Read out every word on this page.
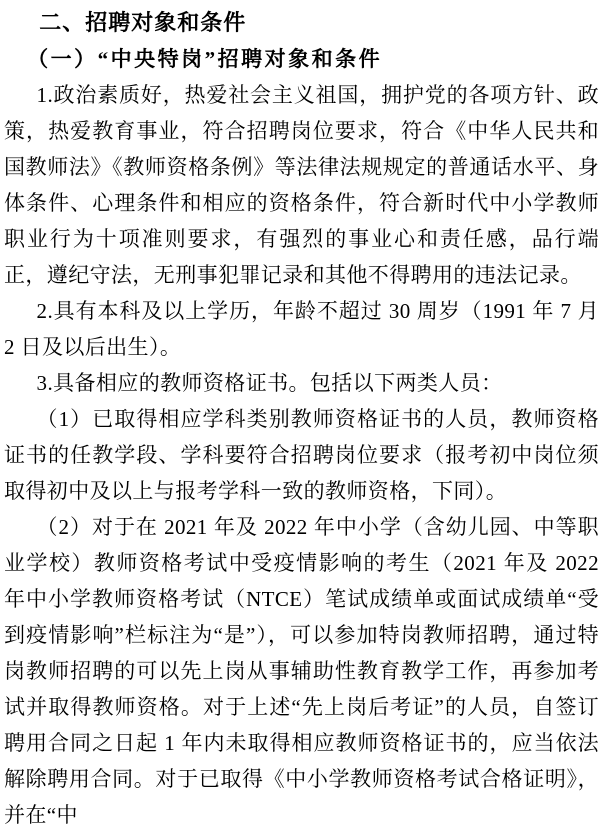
二、招聘对象和条件
（一）“中央特岗”招聘对象和条件

1.政治素质好，热爱社会主义祖国，拥护党的各项方针、政策，热爱教育事业，符合招聘岗位要求，符合《中华人民共和国教师法》《教师资格条例》等法律法规规定的普通话水平、身体条件、心理条件和相应的资格条件，符合新时代中小学教师职业行为十项准则要求，有强烈的事业心和责任感，品行端正，遵纪守法，无刑事犯罪记录和其他不得聘用的违法记录。

2.具有本科及以上学历，年龄不超过 30 周岁（1991 年 7 月 2 日及以后出生）。

3.具备相应的教师资格证书。包括以下两类人员：

（1）已取得相应学科类别教师资格证书的人员，教师资格证书的任教学段、学科要符合招聘岗位要求（报考初中岗位须取得初中及以上与报考学科一致的教师资格，下同）。

（2）对于在 2021 年及 2022 年中小学（含幼儿园、中等职业学校）教师资格考试中受疫情影响的考生（2021 年及 2022 年中小学教师资格考试（NTCE）笔试成绩单或面试成绩单“受到疫情影响”栏标注为“是”），可以参加特岗教师招聘，通过特岗教师招聘的可以先上岗从事辅助性教育教学工作，再参加考试并取得教师资格。对于上述“先上岗后考证”的人员，自签订聘用合同之日起 1 年内未取得相应教师资格证书的，应当依法解除聘用合同。对于已取得《中小学教师资格考试合格证明》，并在“中
